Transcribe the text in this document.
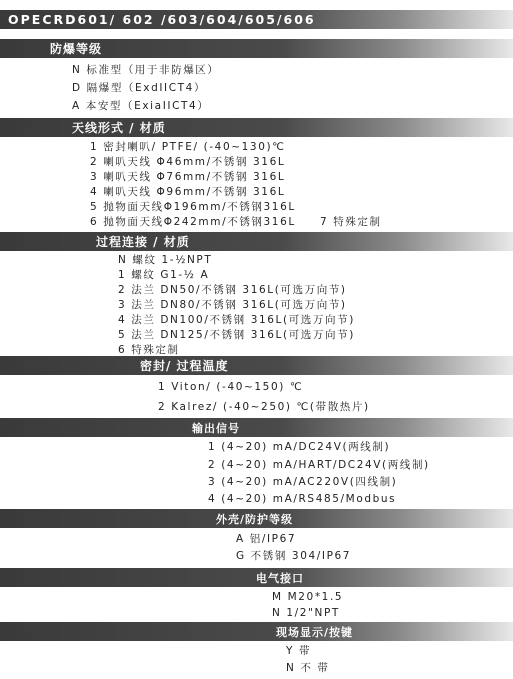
OPECRD601/ 602 /603/604/605/606
防爆等级
N 标准型（用于非防爆区）
D 隔爆型（ExdIICT4）
A 本安型（ExiaIICT4）
天线形式 / 材质
1 密封喇叭/ PTFE/ (-40~130)℃
2 喇叭天线 Φ46mm/不锈钢 316L
3 喇叭天线 Φ76mm/不锈钢 316L
4 喇叭天线 Φ96mm/不锈钢 316L
5 抛物面天线Φ196mm/不锈钢316L
6 抛物面天线Φ242mm/不锈钢316L 7 特殊定制
过程连接 / 材质
N 螺纹 1-½NPT
1 螺纹 G1-½ A
2 法兰 DN50/不锈钢 316L(可选万向节)
3 法兰 DN80/不锈钢 316L(可选万向节)
4 法兰 DN100/不锈钢 316L(可选万向节)
5 法兰 DN125/不锈钢 316L(可选万向节)
6 特殊定制
密封/ 过程温度
1 Viton/ (-40~150) ℃
2 Kalrez/ (-40~250) ℃(带散热片)
输出信号
1 (4~20) mA/DC24V(两线制)
2 (4~20) mA/HART/DC24V(两线制)
3 (4~20) mA/AC220V(四线制)
4 (4~20) mA/RS485/Modbus
外壳/防护等级
A 铝/IP67
G 不锈钢 304/IP67
电气接口
M M20*1.5
N 1/2"NPT
现场显示/按键
Y 带
N 不 带
